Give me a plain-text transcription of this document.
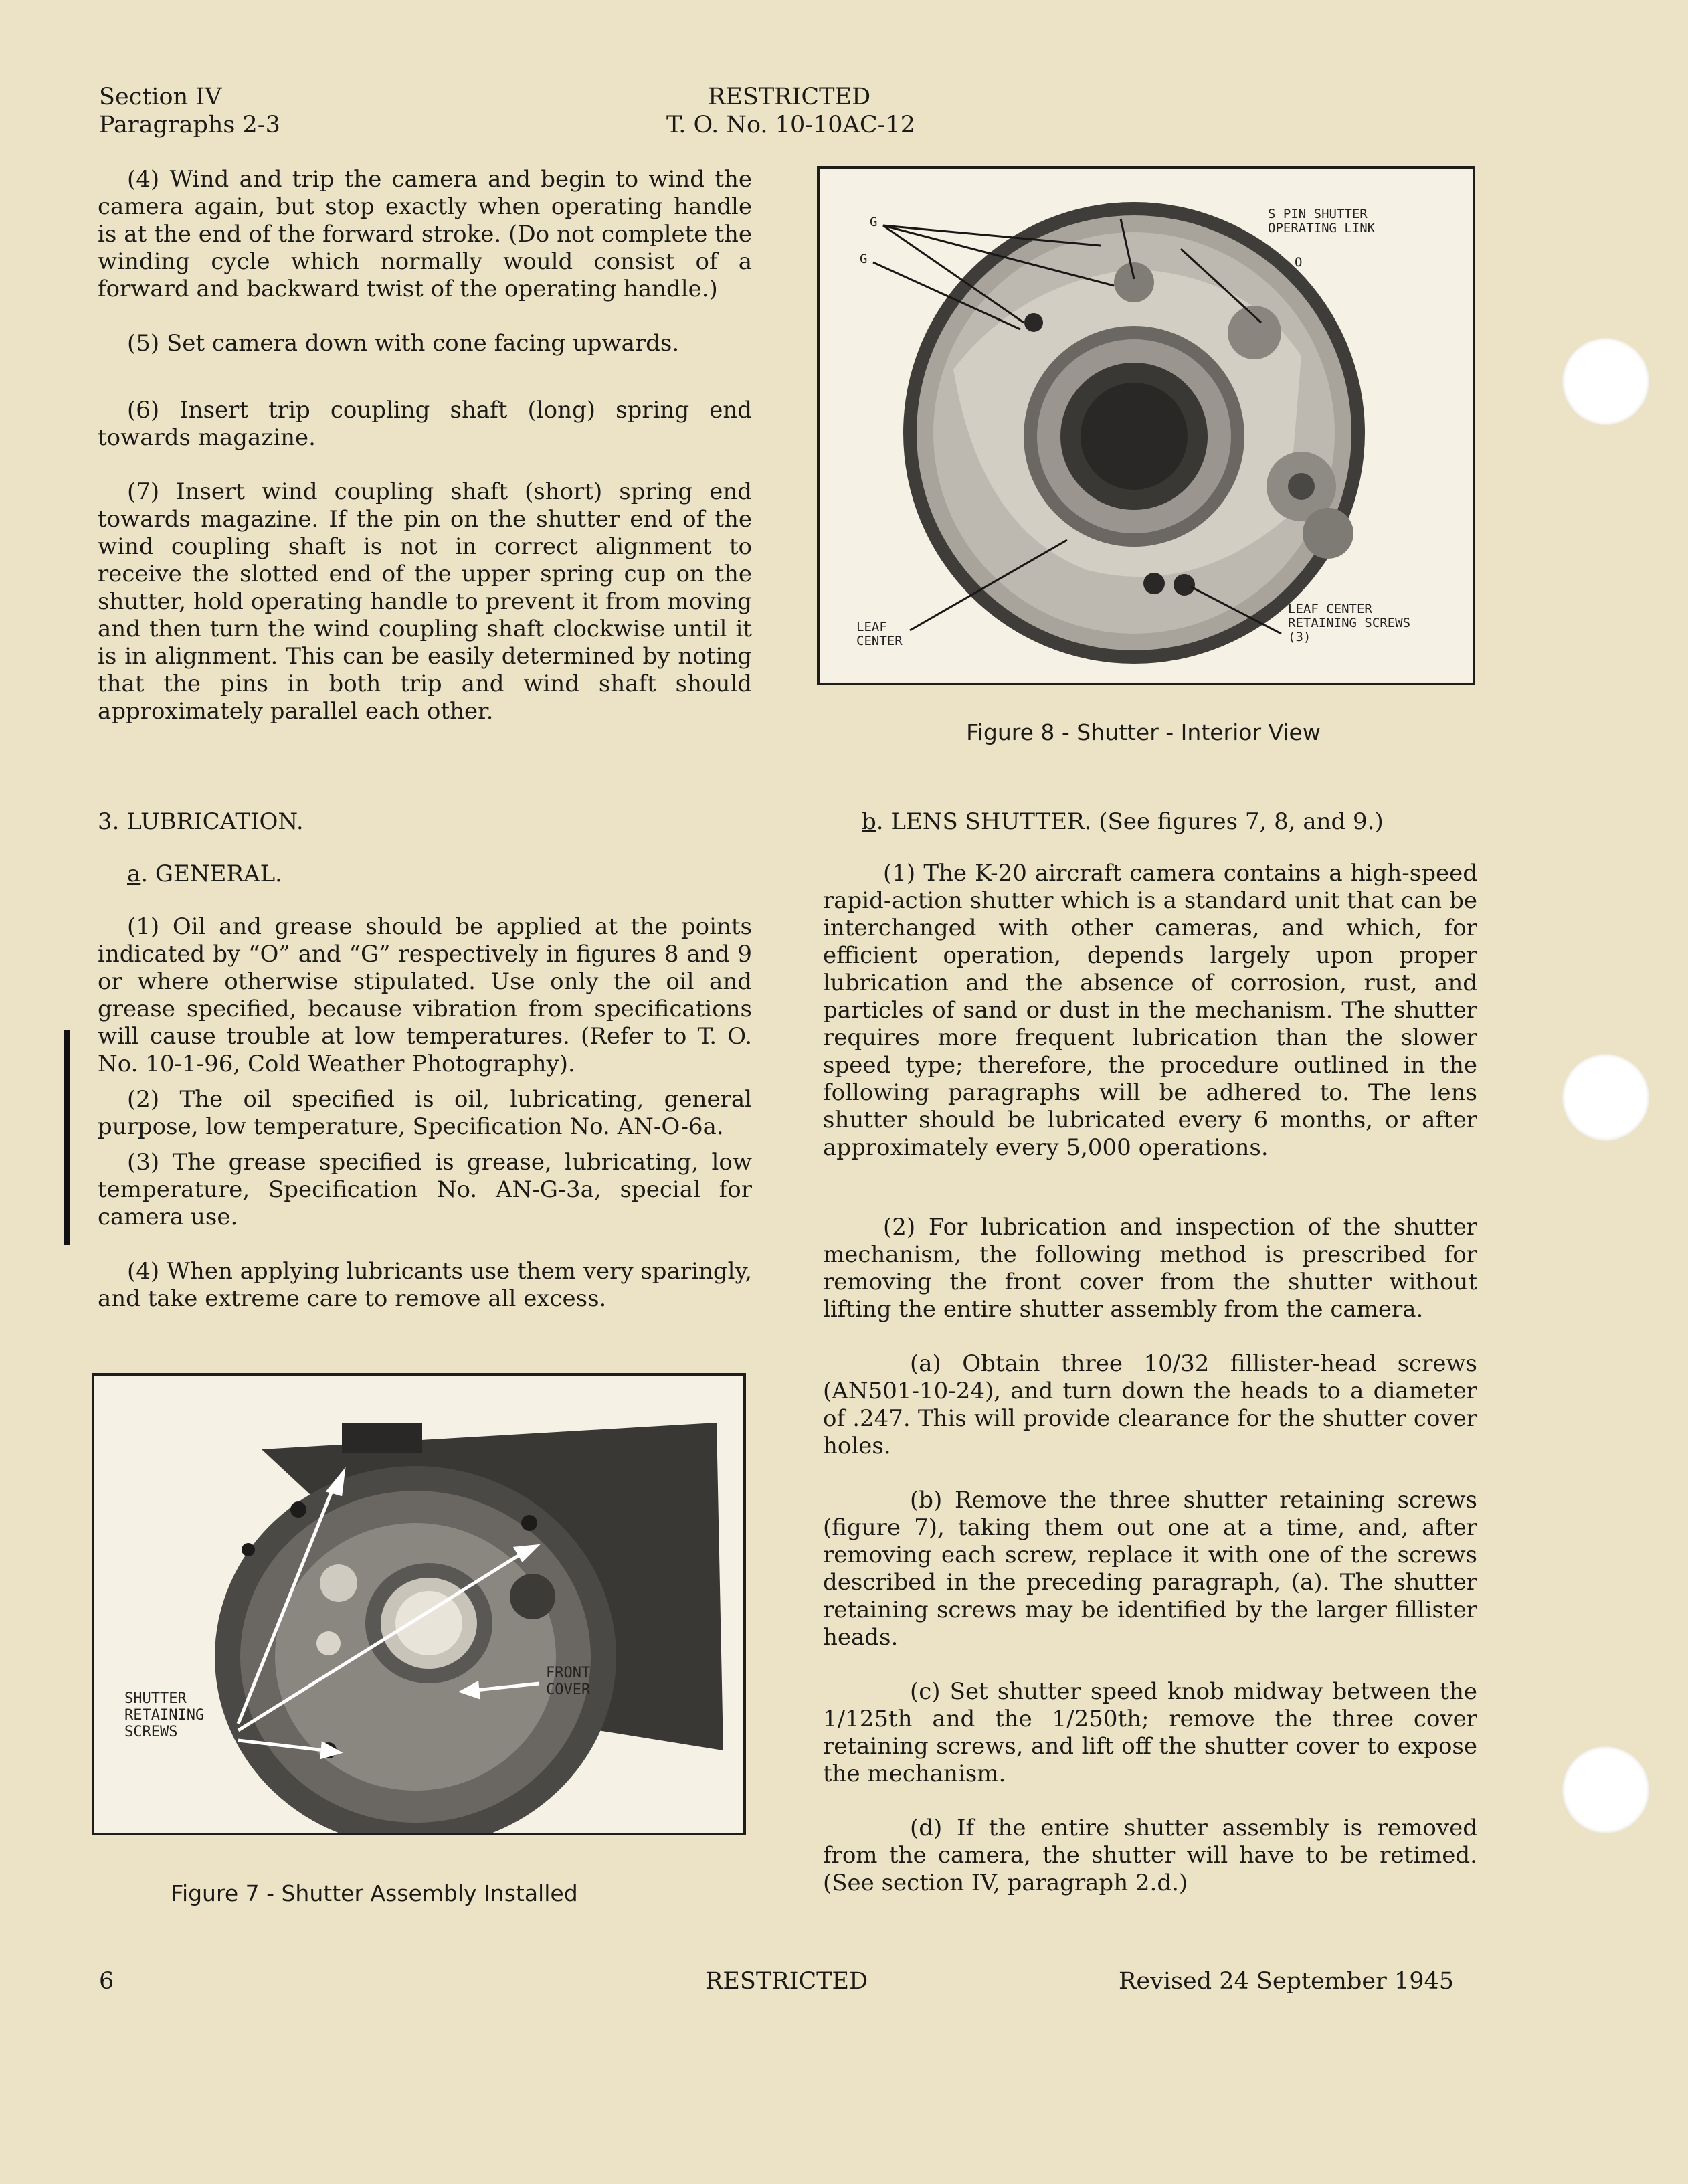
Section IV
Paragraphs 2-3
RESTRICTED
T. O. No. 10-10AC-12

(4) Wind and trip the camera and begin to wind the camera again, but stop exactly when operating handle is at the end of the forward stroke. (Do not complete the winding cycle which normally would consist of a forward and backward twist of the operating handle.)

(5) Set camera down with cone facing upwards.

(6) Insert trip coupling shaft (long) spring end towards magazine.

(7) Insert wind coupling shaft (short) spring end towards magazine. If the pin on the shutter end of the wind coupling shaft is not in correct alignment to receive the slotted end of the upper spring cup on the shutter, hold operating handle to prevent it from moving and then turn the wind coupling shaft clockwise until it is in alignment. This can be easily determined by noting that the pins in both trip and wind shaft should approximately parallel each other.

3. LUBRICATION.
a. GENERAL.

(1) Oil and grease should be applied at the points indicated by “O” and “G” respectively in figures 8 and 9 or where otherwise stipulated. Use only the oil and grease specified, because vibration from specifications will cause trouble at low temperatures. (Refer to T. O. No. 10-1-96, Cold Weather Photography).

(2) The oil specified is oil, lubricating, general purpose, low temperature, Specification No. AN-O-6a.

(3) The grease specified is grease, lubricating, low temperature, Specification No. AN-G-3a, special for camera use.

(4) When applying lubricants use them very sparingly, and take extreme care to remove all excess.

SHUTTER RETAINING SCREWS
FRONT COVER
Figure 7 - Shutter Assembly Installed
G
G
S PIN SHUTTER OPERATING LINK
O
LEAF CENTER
LEAF CENTER RETAINING SCREWS (3)
Figure 8 - Shutter - Interior View
b. LENS SHUTTER. (See figures 7, 8, and 9.)

(1) The K-20 aircraft camera contains a high-speed rapid-action shutter which is a standard unit that can be interchanged with other cameras, and which, for efficient operation, depends largely upon proper lubrication and the absence of corrosion, rust, and particles of sand or dust in the mechanism. The shutter requires more frequent lubrication than the slower speed type; therefore, the procedure outlined in the following paragraphs will be adhered to. The lens shutter should be lubricated every 6 months, or after approximately every 5,000 operations.

(2) For lubrication and inspection of the shutter mechanism, the following method is prescribed for removing the front cover from the shutter without lifting the entire shutter assembly from the camera.

(a) Obtain three 10/32 fillister-head screws (AN501-10-24), and turn down the heads to a diameter of .247. This will provide clearance for the shutter cover holes.

(b) Remove the three shutter retaining screws (figure 7), taking them out one at a time, and, after removing each screw, replace it with one of the screws described in the preceding paragraph, (a). The shutter retaining screws may be identified by the larger fillister heads.

(c) Set shutter speed knob midway between the 1/125th and the 1/250th; remove the three cover retaining screws, and lift off the shutter cover to expose the mechanism.

(d) If the entire shutter assembly is removed from the camera, the shutter will have to be retimed. (See section IV, paragraph 2.d.)

6	RESTRICTED	Revised 24 September 1945
